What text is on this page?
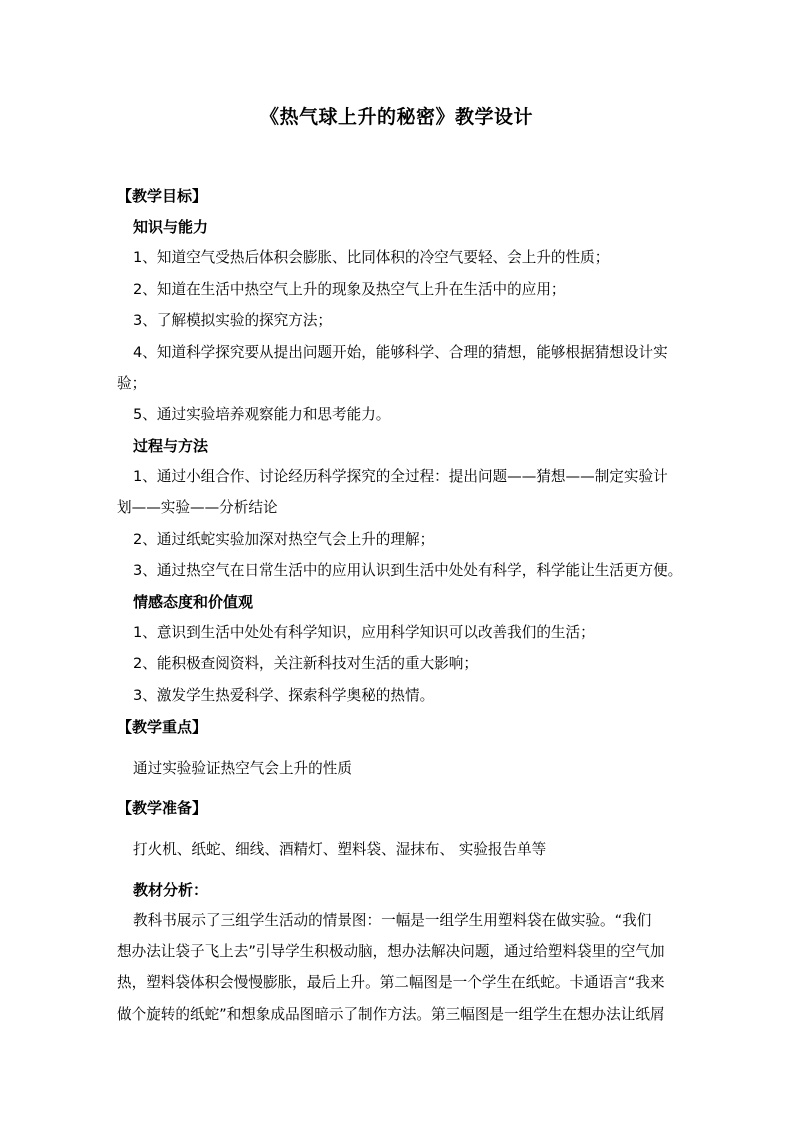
《热气球上升的秘密》教学设计
【教学目标】
知识与能力
1、知道空气受热后体积会膨胀、比同体积的冷空气要轻、会上升的性质；
2、知道在生活中热空气上升的现象及热空气上升在生活中的应用；
3、了解模拟实验的探究方法；
4、知道科学探究要从提出问题开始，能够科学、合理的猜想，能够根据猜想设计实
验；
5、通过实验培养观察能力和思考能力。
过程与方法
1、通过小组合作、讨论经历科学探究的全过程：提出问题——猜想——制定实验计
划——实验——分析结论
2、通过纸蛇实验加深对热空气会上升的理解；
3、通过热空气在日常生活中的应用认识到生活中处处有科学，科学能让生活更方便。
情感态度和价值观
1、意识到生活中处处有科学知识，应用科学知识可以改善我们的生活；
2、能积极查阅资料，关注新科技对生活的重大影响；
3、激发学生热爱科学、探索科学奥秘的热情。
【教学重点】
通过实验验证热空气会上升的性质
【教学准备】
打火机、纸蛇、细线、酒精灯、塑料袋、湿抹布、 实验报告单等
教材分析：
教科书展示了三组学生活动的情景图：一幅是一组学生用塑料袋在做实验。“我们
想办法让袋子飞上去”引导学生积极动脑，想办法解决问题，通过给塑料袋里的空气加
热，塑料袋体积会慢慢膨胀，最后上升。第二幅图是一个学生在纸蛇。卡通语言“我来
做个旋转的纸蛇”和想象成品图暗示了制作方法。第三幅图是一组学生在想办法让纸屑
